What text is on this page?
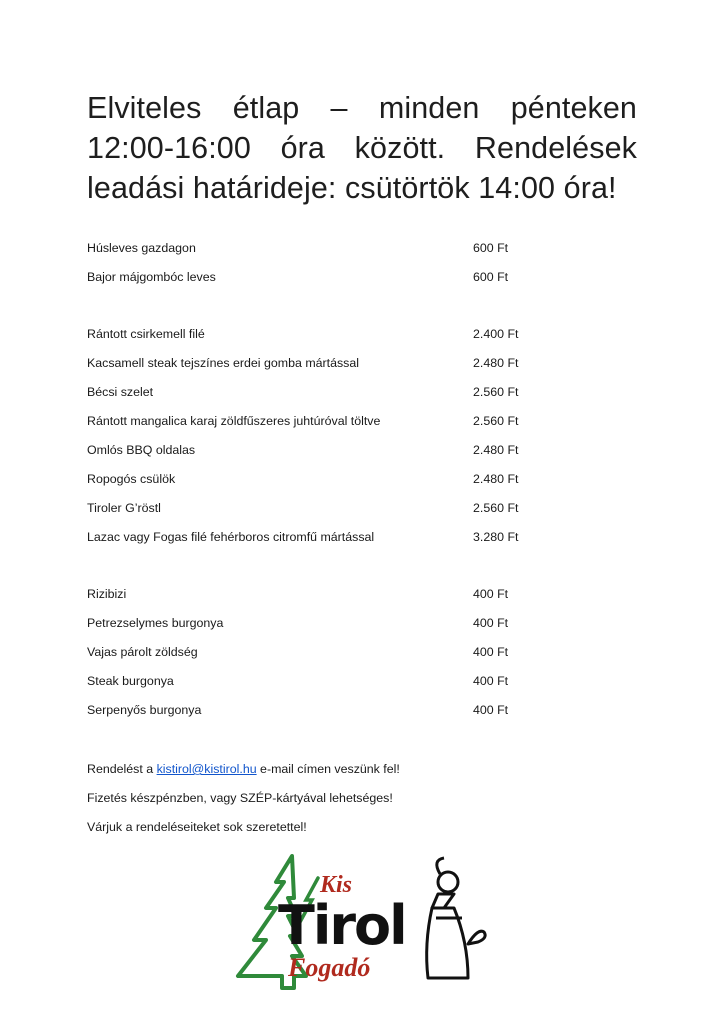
Elviteles étlap – minden pénteken 12:00-16:00 óra között. Rendelések leadási határideje: csütörtök 14:00 óra!
Húsleves gazdagon	600 Ft
Bajor májgombóc leves	600 Ft
Rántott csirkemell filé	2.400 Ft
Kacsamell steak tejszínes erdei gomba mártással	2.480 Ft
Bécsi szelet	2.560 Ft
Rántott mangalica karaj zöldfűszeres juhtúróval töltve	2.560 Ft
Omlós BBQ oldalas	2.480 Ft
Ropogós csülök	2.480 Ft
Tiroler G’röstl	2.560 Ft
Lazac vagy Fogas filé fehérboros citromfű mártással	3.280 Ft
Rizibizi	400 Ft
Petrezselymes burgonya	400 Ft
Vajas párolt zöldség	400 Ft
Steak burgonya	400 Ft
Serpenyős burgonya	400 Ft
Rendelést a kistirol@kistirol.hu e-mail címen veszünk fel!
Fizetés készpénzben, vagy SZÉP-kártyával lehetséges!
Várjuk a rendeléseiteket sok szeretettel!
Kis
Tirol
Fogadó
